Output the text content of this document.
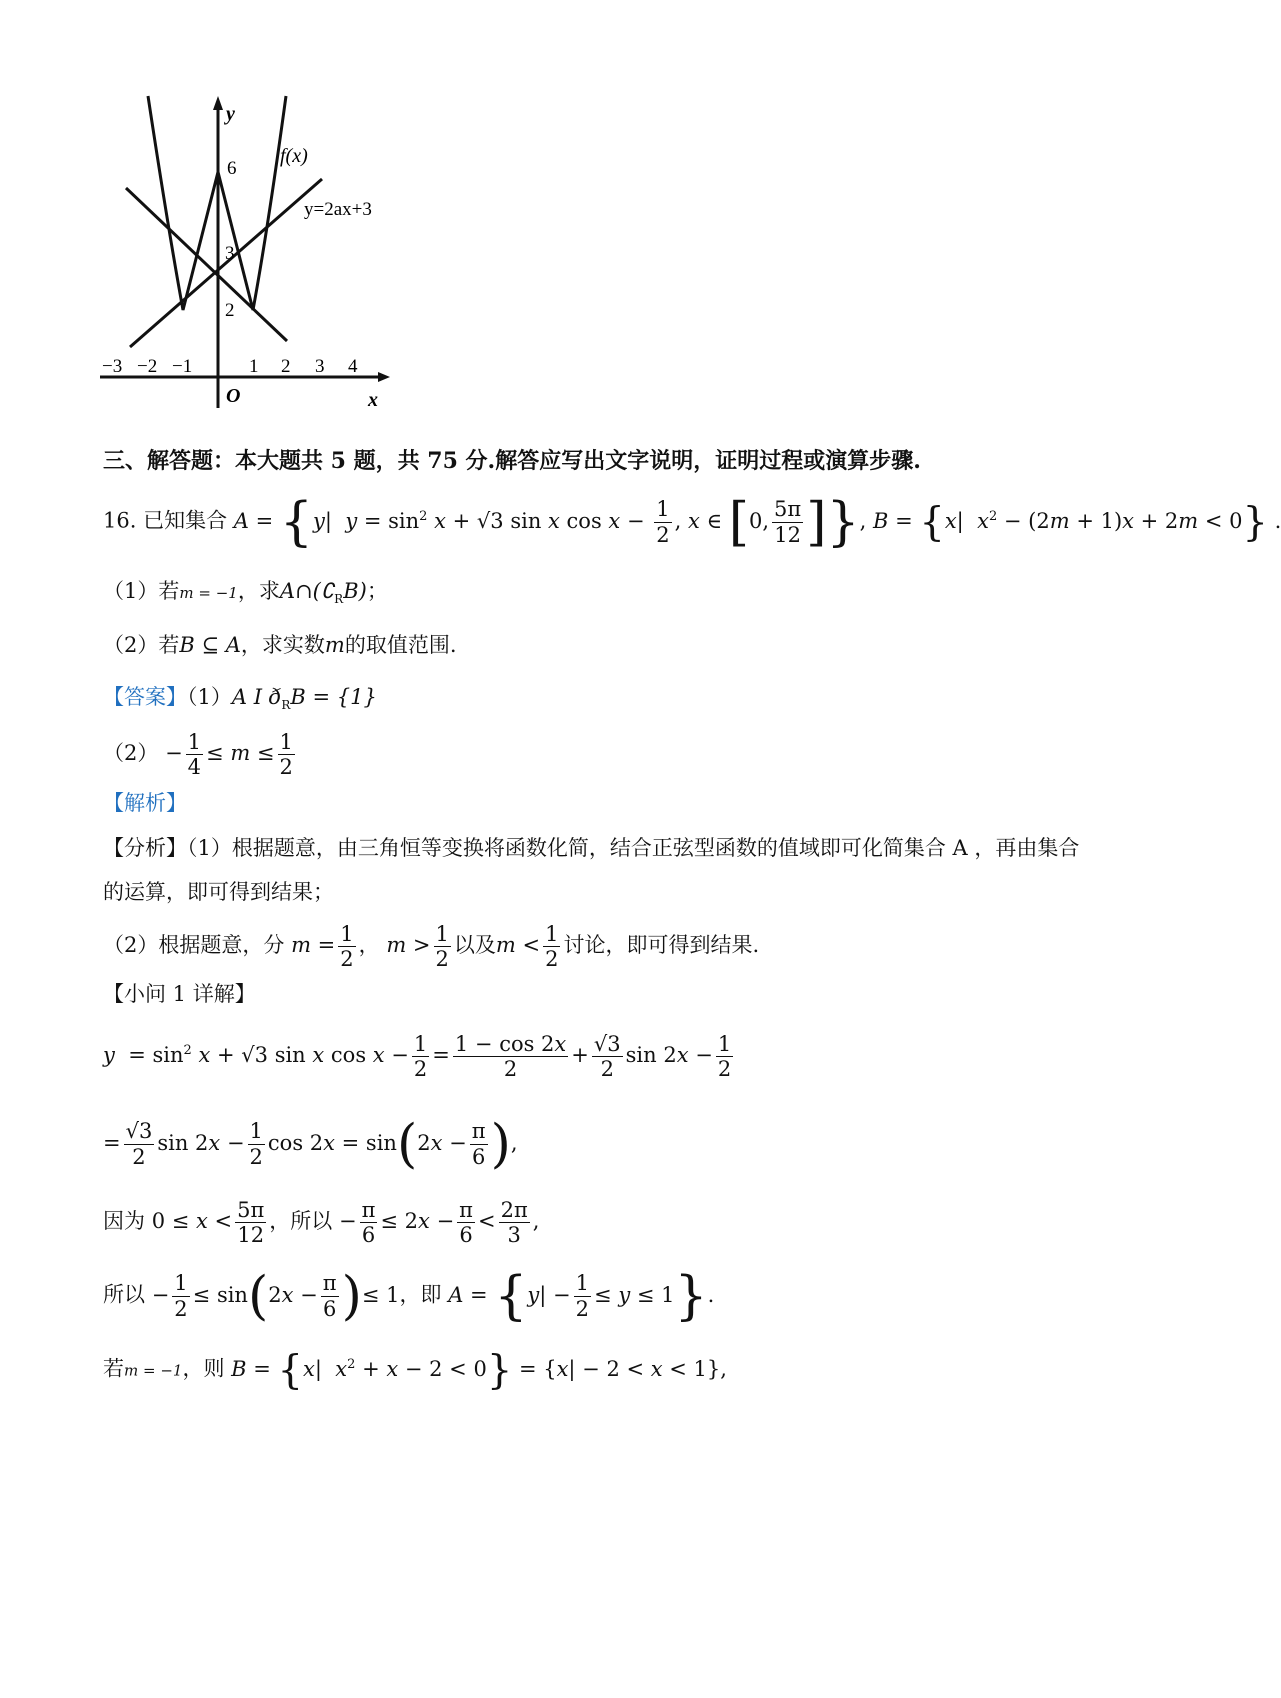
y
x
O
f(x)
y=2ax+3
6
3
2
−3 −2 −1	1 2 3 4
三、解答题：本大题共 5 题，共 75 分.解答应写出文字说明，证明过程或演算步骤.
16. 已知集合 A = {y|  $y = \sin^2 x + √3$ sin x $\cos x - \frac{1}{2}$ , x ∈ [0, $\frac{5\pi}{12}$ ]},
B = {x|  $x^2 - (2m + 1)x + 2m < 0$} .
（1）若m = −1，求$A\cap(∁_RB)$；
（2）若B ⊆ A，求实数m的取值范围.
【答案】（1）A I $ð_RB = \{1\}$
$(2) - \frac{1}{4} \le m \le \frac{1}{2}$
【解析】
【分析】（1）根据题意，由三角恒等变换将函数化简，结合正弦型函数的值域即可化简集合 A ，再由集合
的运算，即可得到结果；
（2）根据题意，分 $m = \frac{1}{2}$ ， $m > \frac{1}{2}$ 以及$m < \frac{1}{2}$ 讨论，即可得到结果.
【小问 1 详解】
$y = \sin^2 x + √3$ sin x $\cos x - \frac{1}{2} = \frac{1 - \cos 2x}{2} + \frac{√3}{2}$ $\sin 2x - \frac{1}{2}$
= $\frac{√3}{2}$ $\sin 2x - \frac{1}{2}$ $\cos 2x = \sin(2x - \frac{\pi}{6}$ ),
因为 $0 \le x < \frac{5\pi}{12}$ ，所以 − $\frac{\pi}{6} \le 2x - \frac{\pi}{6} < \frac{2\pi}{3}$ ,
所以 − $\frac{1}{2} \le \sin(2x - \frac{\pi}{6}$ )≤ 1，即 $A = \{y| - \frac{1}{2} \le y \le 1\}$.
若m = −1，则 B = {x|  $x^2 + x - 2 < 0\} = \{x| - 2 < x < 1\}$,
